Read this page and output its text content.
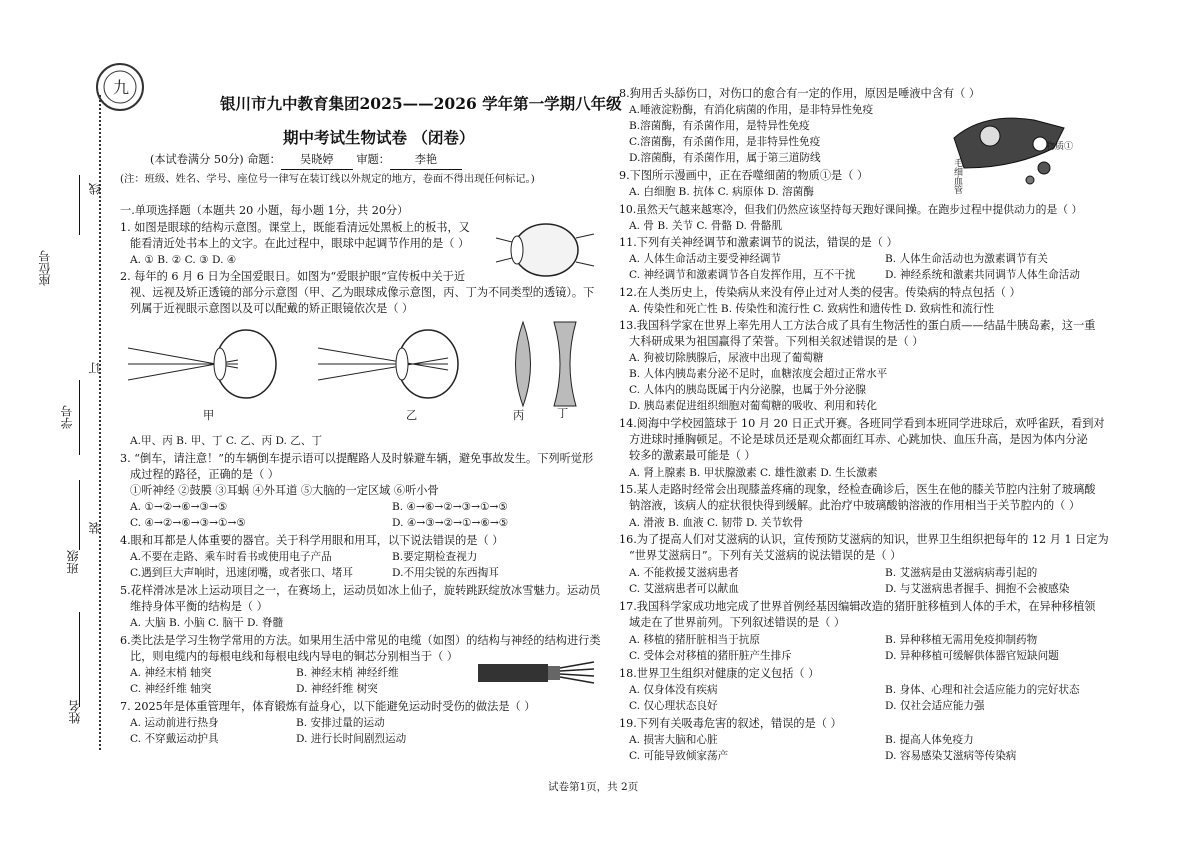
九
线
订
装
座位号
学号
班级
姓名
银川市九中教育集团2025——2026 学年第一学期八年级
期中考试生物试卷 （闭卷）
(本试卷满分 50分) 命题： 吴晓婷 审题： 李艳
(注：班级、姓名、学号、座位号一律写在装订线以外规定的地方，卷面不得出现任何标记。)
一.单项选择题（本题共 20 小题，每小题 1分，共 20分）
1. 如图是眼球的结构示意图。课堂上，既能看清远处黑板上的板书，又
能看清近处书本上的文字。在此过程中，眼球中起调节作用的是（ ）
A. ① B. ② C. ③ D. ④
2. 每年的 6 月 6 日为全国爱眼日。如图为“爱眼护眼”宣传板中关于近
视、远视及矫正透镜的部分示意图（甲、乙为眼球成像示意图，丙、丁为不同类型的透镜）。下
列属于近视眼示意图以及可以配戴的矫正眼镜依次是（ ）
甲	乙	丙	丁
A.甲、丙 B. 甲、丁 C. 乙、丙 D. 乙、丁
3. “倒车，请注意！”的车辆倒车提示语可以提醒路人及时躲避车辆，避免事故发生。下列听觉形
成过程的路径，正确的是（ ）
①听神经 ②鼓膜 ③耳蜗 ④外耳道 ⑤大脑的一定区域 ⑥听小骨
A. ①→②→⑥→③→⑤	B. ④→⑥→②→③→①→⑤
C. ④→②→⑥→③→①→⑤	D. ④→③→②→①→⑥→⑤
4.眼和耳都是人体重要的器官。关于科学用眼和用耳，以下说法错误的是（ ）
A.不要在走路、乘车时看书或使用电子产品	B.要定期检查视力
C.遇到巨大声响时，迅速闭嘴，或者张口、堵耳	D.不用尖锐的东西掏耳
5.花样滑冰是冰上运动项目之一，在赛场上，运动员如冰上仙子，旋转跳跃绽放冰雪魅力。运动员
维持身体平衡的结构是（ ）
A. 大脑 B. 小脑 C. 脑干 D. 脊髓
6.类比法是学习生物学常用的方法。如果用生活中常见的电缆（如图）的结构与神经的结构进行类
比，则电缆内的每根电线和每根电线内导电的铜芯分别相当于（ ）
A. 神经末梢 轴突	B. 神经末梢 神经纤维
C. 神经纤维 轴突	D. 神经纤维 树突
7. 2025年是体重管理年，体育锻炼有益身心，以下能避免运动时受伤的做法是（ ）
A. 运动前进行热身	B. 安排过量的运动
C. 不穿戴运动护具	D. 进行长时间剧烈运动
8.狗用舌头舔伤口，对伤口的愈合有一定的作用，原因是唾液中含有（ ）
A.唾液淀粉酶，有消化病菌的作用，是非特异性免疫
B.溶菌酶，有杀菌作用，是特异性免疫
C.溶菌酶，有杀菌作用，是非特异性免疫
D.溶菌酶，有杀菌作用，属于第三道防线	毛细血管
物质①
9.下图所示漫画中，正在吞噬细菌的物质①是（ ）
A. 白细胞 B. 抗体 C. 病原体 D. 溶菌酶
10.虽然天气越来越寒冷，但我们仍然应该坚持每天跑好课间操。在跑步过程中提供动力的是（ ）
A. 骨 B. 关节 C. 骨骼 D. 骨骼肌
11.下列有关神经调节和激素调节的说法，错误的是（ ）
A. 人体生命活动主要受神经调节	B. 人体生命活动也为激素调节有关
C. 神经调节和激素调节各自发挥作用，互不干扰	D. 神经系统和激素共同调节人体生命活动
12.在人类历史上，传染病从来没有停止过对人类的侵害。传染病的特点包括（ ）
A. 传染性和死亡性 B. 传染性和流行性 C. 致病性和遗传性 D. 致病性和流行性
13.我国科学家在世界上率先用人工方法合成了具有生物活性的蛋白质——结晶牛胰岛素，这一重
大科研成果为祖国赢得了荣誉。下列相关叙述错误的是（ ）
A. 狗被切除胰腺后，尿液中出现了葡萄糖
B. 人体内胰岛素分泌不足时，血糖浓度会超过正常水平
C. 人体内的胰岛既属于内分泌腺，也属于外分泌腺
D. 胰岛素促进组织细胞对葡萄糖的吸收、利用和转化
14.阅海中学校园篮球于 10 月 20 日正式开赛。各班同学看到本班同学进球后，欢呼雀跃，看到对
方进球时捶胸顿足。不论是球员还是观众都面红耳赤、心跳加快、血压升高，是因为体内分泌
较多的激素最可能是（ ）
A. 肾上腺素 B. 甲状腺激素 C. 雄性激素 D. 生长激素
15.某人走路时经常会出现膝盖疼痛的现象，经检查确诊后，医生在他的膝关节腔内注射了玻璃酸
钠溶液，该病人的症状很快得到缓解。此治疗中玻璃酸钠溶液的作用相当于关节腔内的（ ）
A. 滑液 B. 血液 C. 韧带 D. 关节软骨
16.为了提高人们对艾滋病的认识，宣传预防艾滋病的知识，世界卫生组织把每年的 12 月 1 日定为
“世界艾滋病日”。下列有关艾滋病的说法错误的是（ ）
A. 不能救援艾滋病患者	B. 艾滋病是由艾滋病病毒引起的
C. 艾滋病患者可以献血	D. 与艾滋病患者握手、拥抱不会被感染
17.我国科学家成功地完成了世界首例经基因编辑改造的猪肝脏移植到人体的手术，在异种移植领
域走在了世界前列。下列叙述错误的是（ ）
A. 移植的猪肝脏相当于抗原	B. 异种移植无需用免疫抑制药物
C. 受体会对移植的猪肝脏产生排斥	D. 异种移植可缓解供体器官短缺问题
18.世界卫生组织对健康的定义包括（ ）
A. 仅身体没有疾病	B. 身体、心理和社会适应能力的完好状态
C. 仅心理状态良好	D. 仅社会适应能力强
19.下列有关吸毒危害的叙述，错误的是（ ）
A. 损害大脑和心脏	B. 提高人体免疫力
C. 可能导致倾家荡产	D. 容易感染艾滋病等传染病
试卷第1页，共 2页
